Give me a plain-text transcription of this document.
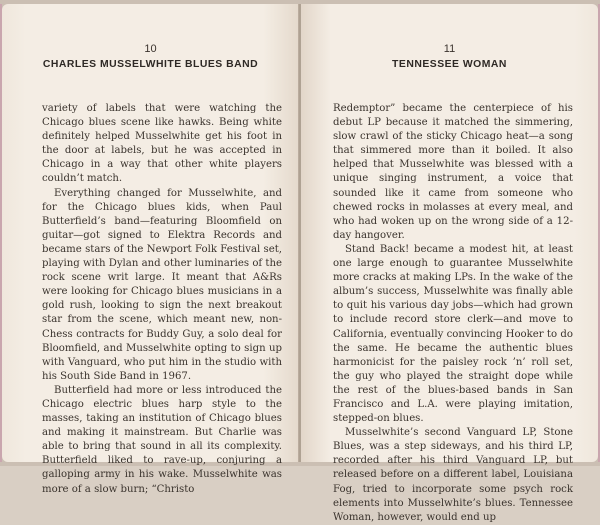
10
CHARLES MUSSELWHITE BLUES BAND

variety of labels that were watching the Chicago blues scene like hawks. Being white definitely helped Musselwhite get his foot in the door at labels, but he was accepted in Chicago in a way that other white players couldn’t match.

Everything changed for Musselwhite, and for the Chicago blues kids, when Paul Butterfield’s band—featuring Bloomfield on guitar—got signed to Elektra Records and became stars of the Newport Folk Festival set, playing with Dylan and other luminaries of the rock scene writ large. It meant that A&Rs were looking for Chicago blues musicians in a gold rush, looking to sign the next breakout star from the scene, which meant new, non-Chess contracts for Buddy Guy, a solo deal for Bloomfield, and Musselwhite opting to sign up with Vanguard, who put him in the studio with his South Side Band in 1967.

Butterfield had more or less introduced the Chicago electric blues harp style to the masses, taking an institution of Chicago blues and making it mainstream. But Charlie was able to bring that sound in all its complexity. Butterfield liked to rave-up, conjuring a galloping army in his wake. Musselwhite was more of a slow burn; “Christo

11
TENNESSEE WOMAN

Redemptor” became the centerpiece of his debut LP because it matched the simmering, slow crawl of the sticky Chicago heat—a song that simmered more than it boiled. It also helped that Musselwhite was blessed with a unique singing instrument, a voice that sounded like it came from someone who chewed rocks in molasses at every meal, and who had woken up on the wrong side of a 12-day hangover.

Stand Back! became a modest hit, at least one large enough to guarantee Musselwhite more cracks at making LPs. In the wake of the album’s success, Musselwhite was finally able to quit his various day jobs—which had grown to include record store clerk—and move to California, eventually convincing Hooker to do the same. He became the authentic blues harmonicist for the paisley rock ’n’ roll set, the guy who played the straight dope while the rest of the blues-based bands in San Francisco and L.A. were playing imitation, stepped-on blues.

Musselwhite’s second Vanguard LP, Stone Blues, was a step sideways, and his third LP, recorded after his third Vanguard LP, but released before on a different label, Louisiana Fog, tried to incorporate some psych rock elements into Musselwhite’s blues. Tennessee Woman, however, would end up
